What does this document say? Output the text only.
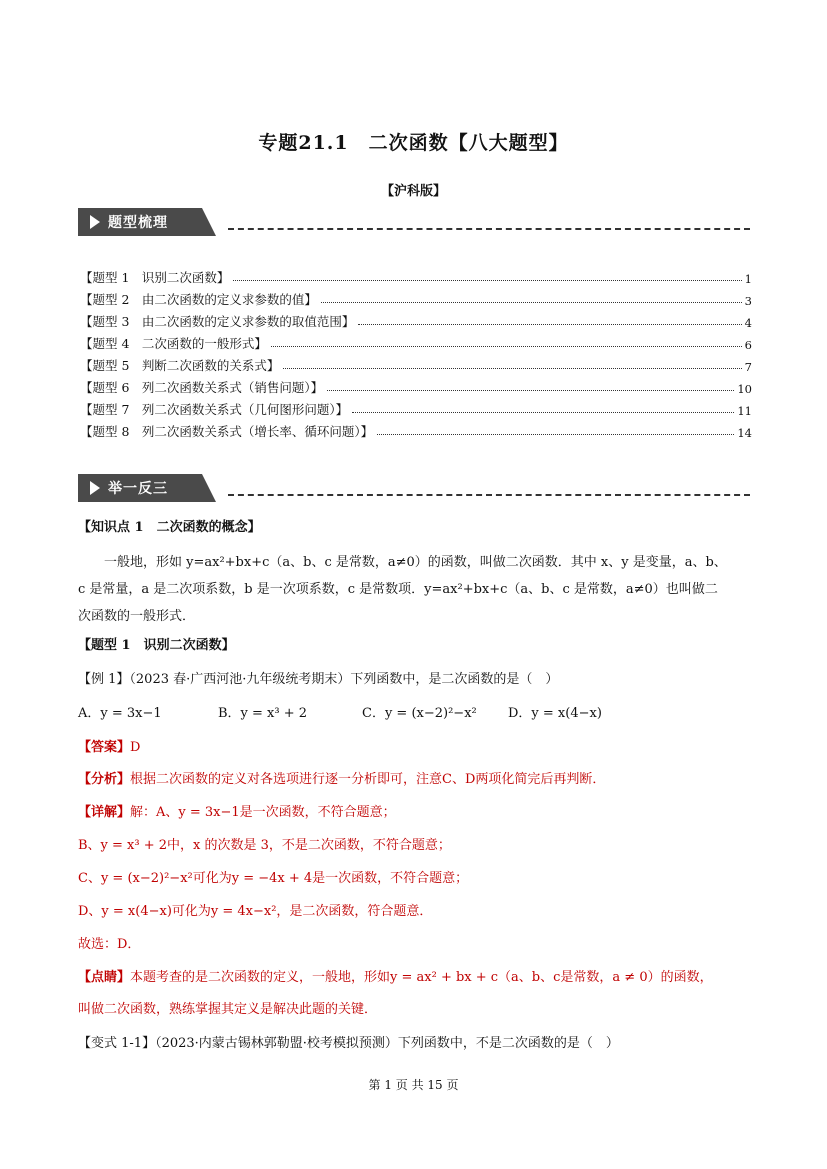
专题21.1　二次函数【八大题型】
【沪科版】
题型梳理
【题型 1　识别二次函数】	1
【题型 2　由二次函数的定义求参数的值】	3
【题型 3　由二次函数的定义求参数的取值范围】	4
【题型 4　二次函数的一般形式】	6
【题型 5　判断二次函数的关系式】	7
【题型 6　列二次函数关系式（销售问题）】	10
【题型 7　列二次函数关系式（几何图形问题）】	11
【题型 8　列二次函数关系式（增长率、循环问题）】	14
举一反三
【知识点 1　二次函数的概念】
一般地，形如 y=ax²+bx+c（a、b、c 是常数，a≠0）的函数，叫做二次函数．其中 x、y 是变量，a、b、
c 是常量，a 是二次项系数，b 是一次项系数，c 是常数项．y=ax²+bx+c（a、b、c 是常数，a≠0）也叫做二
次函数的一般形式．
【题型 1　识别二次函数】
【例 1】（2023 春·广西河池·九年级统考期末）下列函数中，是二次函数的是（　）
A．y = 3x−1	B．y = x³ + 2	C．y = (x−2)²−x² D．y = x(4−x)
【答案】D
【分析】根据二次函数的定义对各选项进行逐一分析即可，注意C、D两项化简完后再判断．
【详解】解：A、y = 3x−1是一次函数，不符合题意；
B、y = x³ + 2中，x 的次数是 3，不是二次函数，不符合题意；
C、y = (x−2)²−x²可化为y = −4x + 4是一次函数，不符合题意；
D、y = x(4−x)可化为y = 4x−x²，是二次函数，符合题意．
故选：D．
【点睛】本题考查的是二次函数的定义，一般地，形如y = ax² + bx + c（a、b、c是常数，a ≠ 0）的函数，
叫做二次函数，熟练掌握其定义是解决此题的关键．
【变式 1-1】（2023·内蒙古锡林郭勒盟·校考模拟预测）下列函数中，不是二次函数的是（　）
第 1 页 共 15 页
